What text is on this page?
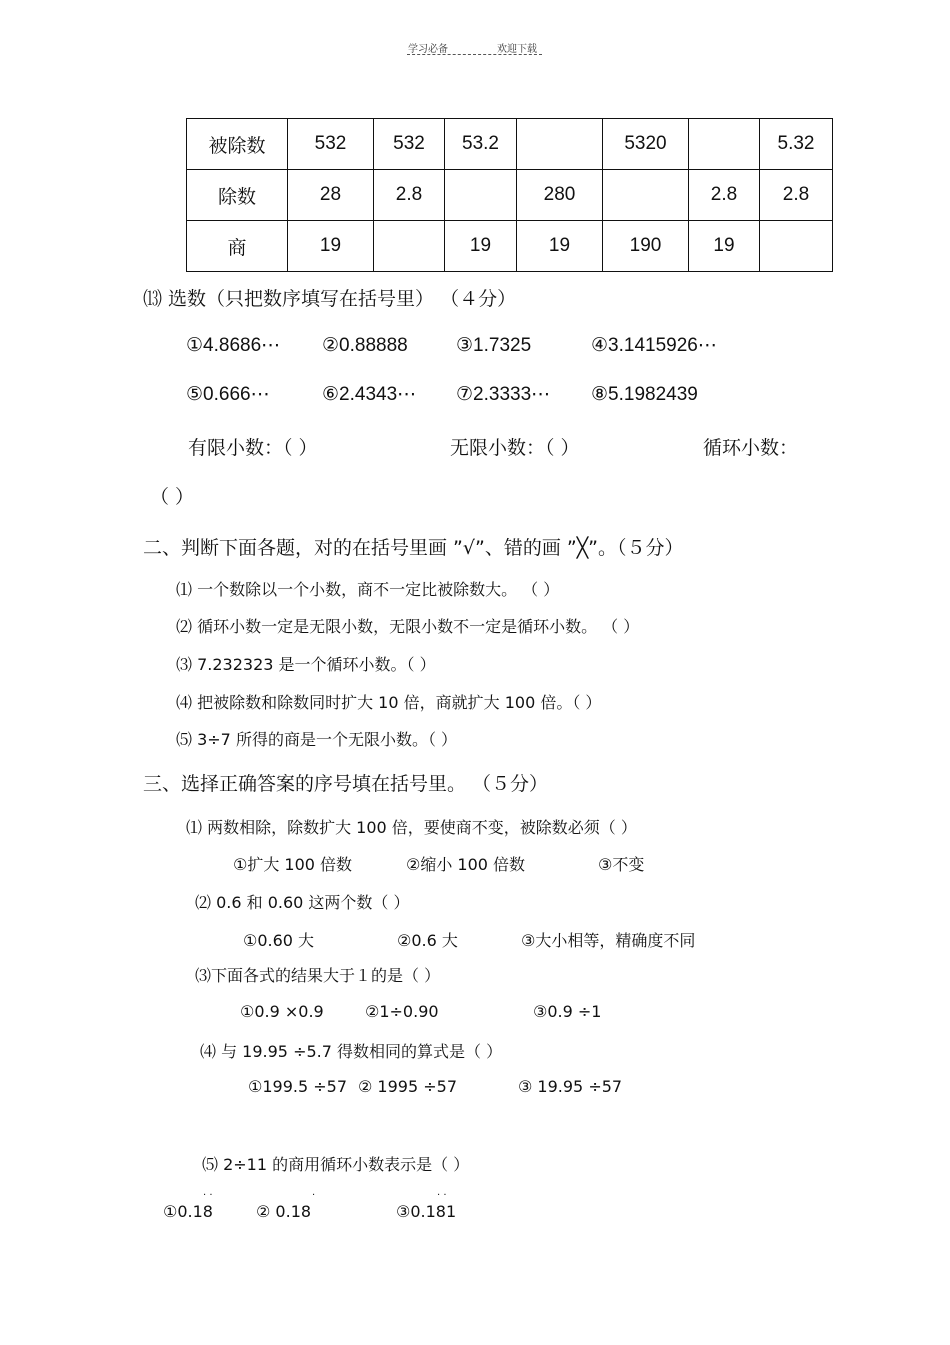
学习必备	欢迎下载
被除数	532	532	53.2		5320		5.32
除数	28	2.8		280		2.8	2.8
商	19		19	19	190	19	
⒀ 选数（只把数序填写在括号里） （４分）
①4.8686⋯ ②0.88888	③1.7325	④3.1415926⋯
⑤0.666⋯	⑥2.4343⋯ ⑦2.3333⋯ ⑧5.1982439
有限小数：（ ）	无限小数：（ ）	循环小数：
（ ）
二、判断下面各题，对的在括号里画 ”√”、错的画 ”╳”。（５分）
⑴ 一个数除以一个小数，商不一定比被除数大。 （ ）
⑵ 循环小数一定是无限小数，无限小数不一定是循环小数。 （ ）
⑶ 7.232323 是一个循环小数。（ ）
⑷ 把被除数和除数同时扩大 10 倍，商就扩大 100 倍。（ ）
⑸ 3÷7 所得的商是一个无限小数。（ ）
三、选择正确答案的序号填在括号里。 （５分）
⑴ 两数相除，除数扩大 100 倍，要使商不变，被除数必须（ ）
①扩大 100 倍数	②缩小 100 倍数	③不变
⑵ 0.6 和 0.60 这两个数（ ）
①0.60 大	②0.6 大	③大小相等，精确度不同
⑶下面各式的结果大于１的是（ ）
①0.9 ×0.9	②1÷0.90	③0.9 ÷1
⑷ 与 19.95 ÷5.7 得数相同的算式是（ ）
①199.5 ÷57 ② 1995 ÷57	③ 19.95 ÷57
⑸ 2÷11 的商用循环小数表示是（ ）
①0.18	② 0.18	③0.181
· ·	·	· ·
